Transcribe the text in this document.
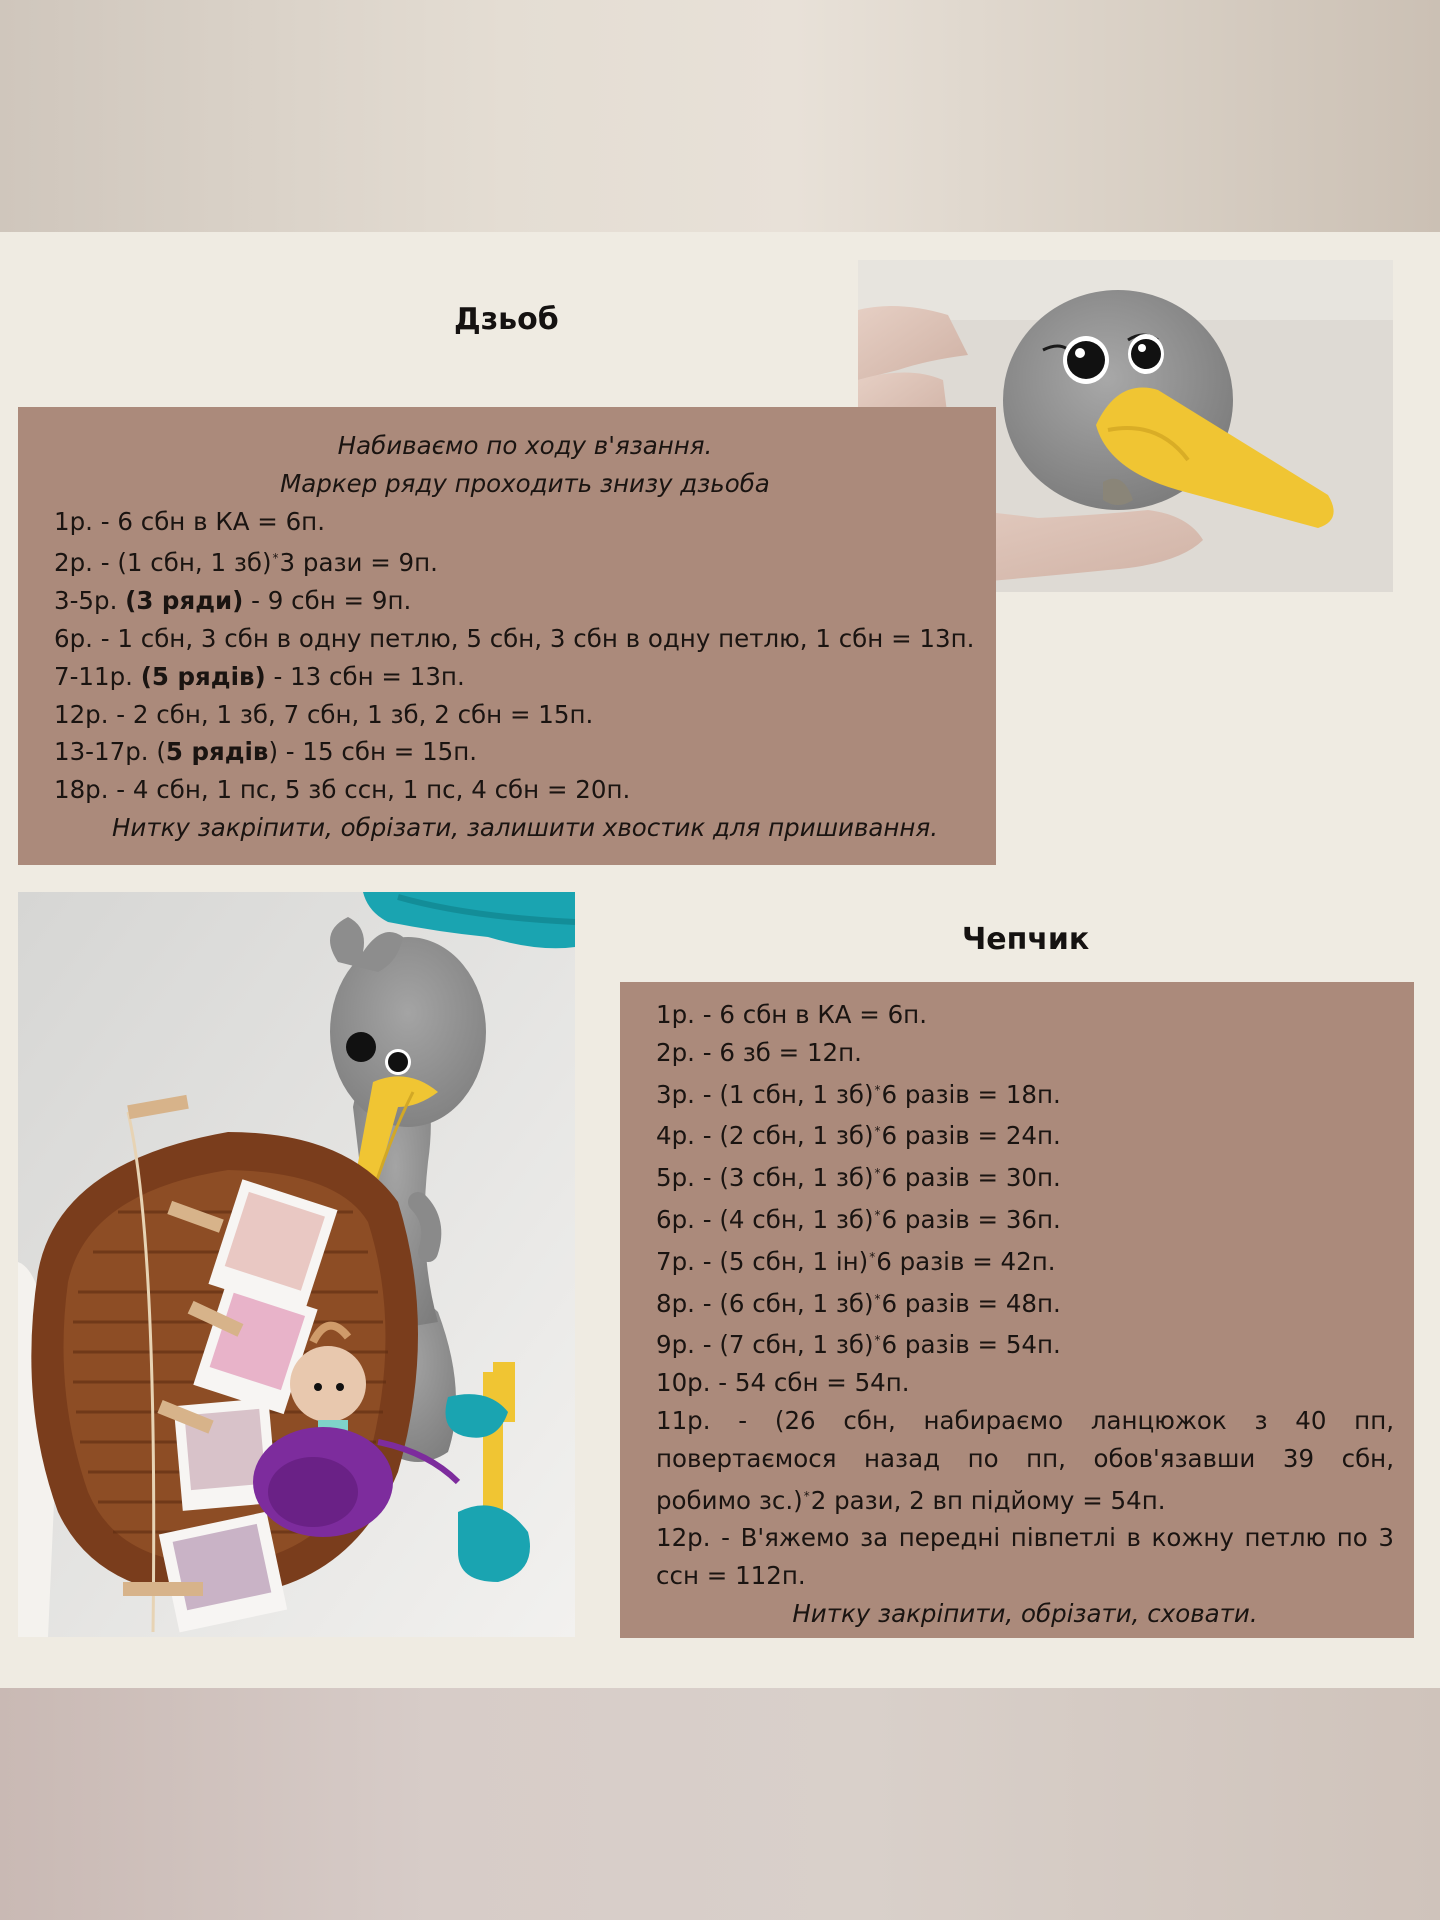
Дзьоб
Набиваємо по ходу в'язання.
Маркер ряду проходить знизу дзьоба
1р. - 6 сбн в КА = 6п.
2р. - (1 сбн, 1 зб)*3 рази = 9п.
3-5р. (3 ряди) - 9 сбн = 9п.
6р. - 1 сбн, 3 сбн в одну петлю, 5 сбн, 3 сбн в одну петлю, 1 сбн = 13п.
7-11р. (5 рядів) - 13 сбн = 13п.
12р. - 2 сбн, 1 зб, 7 сбн, 1 зб, 2 сбн = 15п.
13-17р. (5 рядів) - 15 сбн = 15п.
18р. - 4 сбн, 1 пс, 5 зб ссн, 1 пс, 4 сбн = 20п.
Нитку закріпити, обрізати, залишити хвостик для пришивання.
Чепчик
1р. - 6 сбн в КА = 6п.
2р. - 6 зб = 12п.
3р. - (1 сбн, 1 зб)*6 разів = 18п.
4р. - (2 сбн, 1 зб)*6 разів = 24п.
5р. - (3 сбн, 1 зб)*6 разів = 30п.
6р. - (4 сбн, 1 зб)*6 разів = 36п.
7р. - (5 сбн, 1 ін)*6 разів = 42п.
8р. - (6 сбн, 1 зб)*6 разів = 48п.
9р. - (7 сбн, 1 зб)*6 разів = 54п.
10р. - 54 сбн = 54п.
11р. - (26 сбн, набираємо ланцюжок з 40 пп,
повертаємося назад по пп, обов'язавши 39 сбн,
робимо зс.)*2 рази, 2 вп підйому = 54п.
12р. - В'яжемо за передні півпетлі в кожну петлю по 3
ссн = 112п.
Нитку закріпити, обрізати, сховати.
